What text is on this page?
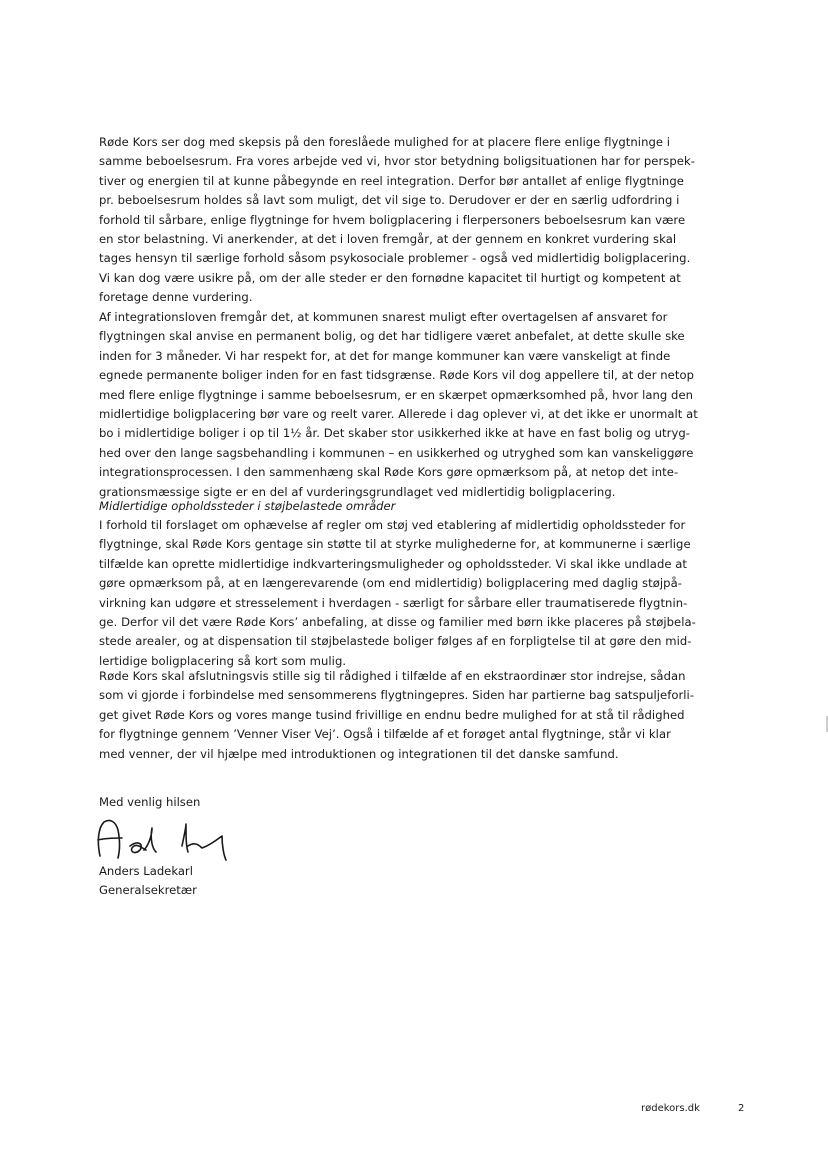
Røde Kors ser dog med skepsis på den foreslåede mulighed for at placere flere enlige flygtninge i
samme beboelsesrum. Fra vores arbejde ved vi, hvor stor betydning boligsituationen har for perspek-
tiver og energien til at kunne påbegynde en reel integration. Derfor bør antallet af enlige flygtninge
pr. beboelsesrum holdes så lavt som muligt, det vil sige to. Derudover er der en særlig udfordring i
forhold til sårbare, enlige flygtninge for hvem boligplacering i flerpersoners beboelsesrum kan være
en stor belastning. Vi anerkender, at det i loven fremgår, at der gennem en konkret vurdering skal
tages hensyn til særlige forhold såsom psykosociale problemer - også ved midlertidig boligplacering.
Vi kan dog være usikre på, om der alle steder er den fornødne kapacitet til hurtigt og kompetent at
foretage denne vurdering.
Af integrationsloven fremgår det, at kommunen snarest muligt efter overtagelsen af ansvaret for
flygtningen skal anvise en permanent bolig, og det har tidligere været anbefalet, at dette skulle ske
inden for 3 måneder. Vi har respekt for, at det for mange kommuner kan være vanskeligt at finde
egnede permanente boliger inden for en fast tidsgrænse. Røde Kors vil dog appellere til, at der netop
med flere enlige flygtninge i samme beboelsesrum, er en skærpet opmærksomhed på, hvor lang den
midlertidige boligplacering bør vare og reelt varer. Allerede i dag oplever vi, at det ikke er unormalt at
bo i midlertidige boliger i op til 1½ år. Det skaber stor usikkerhed ikke at have en fast bolig og utryg-
hed over den lange sagsbehandling i kommunen – en usikkerhed og utryghed som kan vanskeliggøre
integrationsprocessen. I den sammenhæng skal Røde Kors gøre opmærksom på, at netop det inte-
grationsmæssige sigte er en del af vurderingsgrundlaget ved midlertidig boligplacering.
Midlertidige opholdssteder i støjbelastede områder
I forhold til forslaget om ophævelse af regler om støj ved etablering af midlertidig opholdssteder for
flygtninge, skal Røde Kors gentage sin støtte til at styrke mulighederne for, at kommunerne i særlige
tilfælde kan oprette midlertidige indkvarteringsmuligheder og opholdssteder. Vi skal ikke undlade at
gøre opmærksom på, at en længerevarende (om end midlertidig) boligplacering med daglig støjpå-
virkning kan udgøre et stresselement i hverdagen - særligt for sårbare eller traumatiserede flygtnin-
ge. Derfor vil det være Røde Kors’ anbefaling, at disse og familier med børn ikke placeres på støjbela-
stede arealer, og at dispensation til støjbelastede boliger følges af en forpligtelse til at gøre den mid-
lertidige boligplacering så kort som mulig.
Røde Kors skal afslutningsvis stille sig til rådighed i tilfælde af en ekstraordinær stor indrejse, sådan
som vi gjorde i forbindelse med sensommerens flygtningepres. Siden har partierne bag satspuljeforli-
get givet Røde Kors og vores mange tusind frivillige en endnu bedre mulighed for at stå til rådighed
for flygtninge gennem ’Venner Viser Vej’. Også i tilfælde af et forøget antal flygtninge, står vi klar
med venner, der vil hjælpe med introduktionen og integrationen til det danske samfund.
Med venlig hilsen
Anders Ladekarl
Generalsekretær
rødekors.dk	2
